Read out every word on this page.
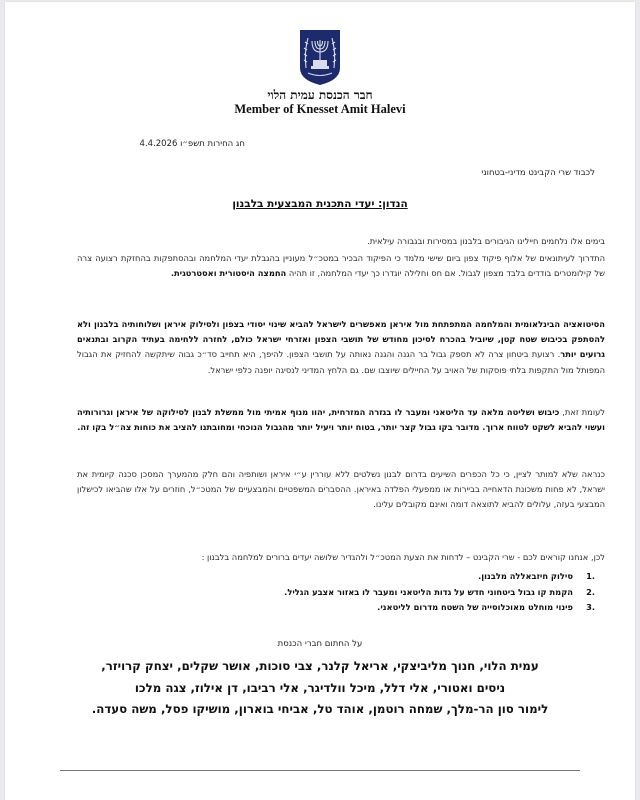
חבר הכנסת עמית הלוי
Member of Knesset Amit Halevi
חג החירות תשפ״ו 4.4.2026
לכבוד שרי הקבינט מדיני-בטחוני
הנדון: יעדי התכנית המבצעית בלבנון
בימים אלו נלחמים חיילינו הגיבורים בלבנון במסירות ובגבורה עילאית.
התדרוך לעיתונאים של אלוף פיקוד צפון ביום שישי מלמד כי הפיקוד הבכיר במטכ״ל מעוניין בהגבלת יעדי המלחמה ובהסתפקות בהחזקת רצועה צרה של קילומטרים בודדים בלבד מצפון לגבול. אם חס וחלילה יוגדרו כך יעדי המלחמה, זו תהיה החמצה היסטורית ואסטרטגית.
הסיטואציה הבינלאומית והמלחמה המתפתחת מול איראן מאפשרים לישראל להביא שינוי יסודי בצפון ולסילוק איראן ושלוחותיה בלבנון ולא להסתפק בכיבוש שטח קטן, שיוביל בהכרח לסיכון מחודש של תושבי הצפון ואזרחי ישראל כולם, לחזרה ללחימה בעתיד הקרוב ובתנאים גרועים יותר. רצועת ביטחון צרה לא תספק גבול בר הגנה והגנה נאותה על תושבי הצפון. להיפך, היא תחייב סד״כ גבוה שיתקשה להחזיק את הגבול המפותל מול התקפות בלתי פוסקות של האויב על החיילים שיוצבו שם. גם הלחץ המדיני לנסיגה יופנה כלפי ישראל.
לעומת זאת, כיבוש ושליטה מלאה עד הליטאני ומעבר לו בגזרה המזרחית, יהוו מנוף אמיתי מול ממשלת לבנון לסילוקה של איראן וגרורותיה ועשוי להביא לשקט לטווח ארוך. מדובר בקו גבול קצר יותר, בטוח יותר ויעיל יותר מהגבול הנוכחי ומחובתנו להציב את כוחות צה״ל בקו זה.
כנראה שלא למותר לציין, כי כל הכפרים השיעים בדרום לבנון נשלטים ללא עוררין ע״י איראן ושותפיה והם חלק מהמערך המסכן סכנה קיומית את ישראל, לא פחות משכונת הדאחייה בביירות או ממפעלי הפלדה באיראן. ההסברים המשפטיים והמבצעיים של המטכ״ל, חוזרים על אלו שהביאו לכישלון המבצעי בעזה, עלולים להביא לתוצאה דומה ואינם מקובלים עלינו.
לכן, אנחנו קוראים לכם - שרי הקבינט – לדחות את הצעת המטכ״ל ולהגדיר שלושה יעדים ברורים למלחמה בלבנון :
.1
סילוק חיזבאללה מלבנון.
.2
הקמת קו גבול ביטחוני חדש על גדות הליטאני ומעבר לו באזור אצבע הגליל.
.3
פינוי מוחלט מאוכלוסייה של השטח מדרום לליטאני.
על החתום חברי הכנסת
עמית הלוי, חנוך מליביצקי, אריאל קלנר, צבי סוכות, אושר שקלים, יצחק קרויזר,
ניסים ואטורי, אלי דלל, מיכל וולדיגר, אלי רביבו, דן אילוז, צגה מלכו
לימור סון הר-מלך, שמחה רוטמן, אוהד טל, אביחי בוארון, מושיקו פסל, משה סעדה.
